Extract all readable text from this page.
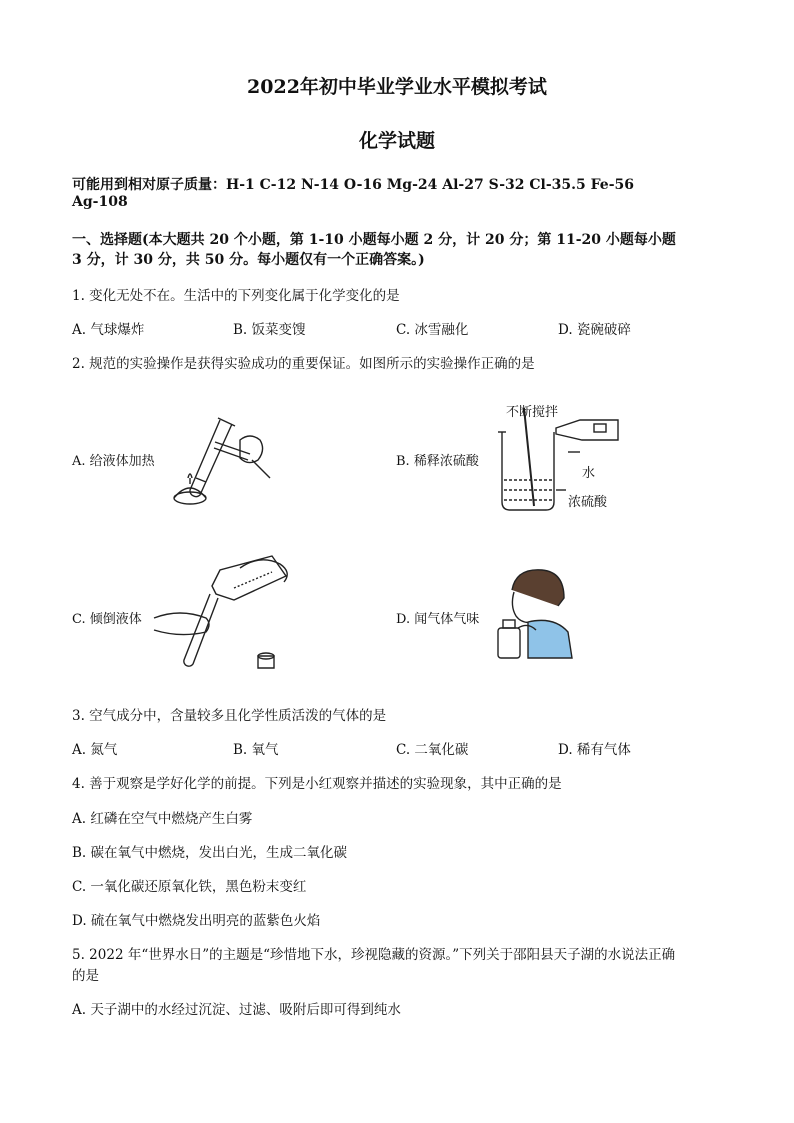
2022年初中毕业学业水平模拟考试
化学试题
可能用到相对原子质量：H-1 C-12 N-14 O-16 Mg-24 Al-27 S-32 Cl-35.5 Fe-56
Ag-108
一、选择题(本大题共 20 个小题，第 1-10 小题每小题 2 分，计 20 分；第 11-20 小题每小题
3 分，计 30 分，共 50 分。每小题仅有一个正确答案。)
1. 变化无处不在。生活中的下列变化属于化学变化的是
A. 气球爆炸	B. 饭菜变馊	C. 冰雪融化	D. 瓷碗破碎
2. 规范的实验操作是获得实验成功的重要保证。如图所示的实验操作正确的是
A. 给液体加热
不断搅拌
水
浓硫酸
B. 稀释浓硫酸
C. 倾倒液体	D. 闻气体气味
3. 空气成分中，含量较多且化学性质活泼的气体的是
A. 氮气	B. 氧气	C. 二氧化碳	D. 稀有气体
4. 善于观察是学好化学的前提。下列是小红观察并描述的实验现象，其中正确的是
A. 红磷在空气中燃烧产生白雾
B. 碳在氧气中燃烧，发出白光，生成二氧化碳
C. 一氧化碳还原氧化铁，黑色粉末变红
D. 硫在氧气中燃烧发出明亮的蓝紫色火焰
5. 2022 年“世界水日”的主题是“珍惜地下水，珍视隐藏的资源。”下列关于邵阳县天子湖的水说法正确
的是
A. 天子湖中的水经过沉淀、过滤、吸附后即可得到纯水
